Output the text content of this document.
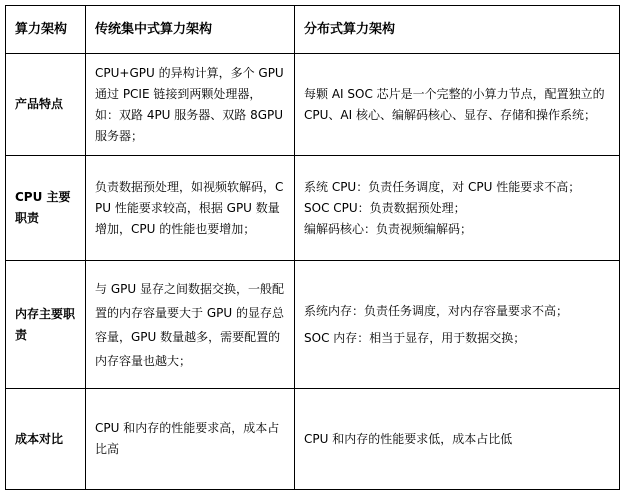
算力架构	传统集中式算力架构	分布式算力架构
产品特点	CPU+GPU 的异构计算，多个 GPU 通过 PCIE 链接到两颗处理器，如：双路 4PU 服务器、双路 8GPU 服务器；	每颗 AI SOC 芯片是一个完整的小算力节点，配置独立的 CPU、AI 核心、编解码核心、显存、存储和操作系统；

CPU 主要职责	负责数据预处理，如视频软解码，CPU 性能要求较高，根据 GPU 数量增加，CPU 的性能也要增加；	系统 CPU：负责任务调度，对 CPU 性能要求不高；
SOC CPU：负责数据预处理；
编解码核心：负责视频编解码；

内存主要职责	与 GPU 显存之间数据交换，一般配置的内存容量要大于 GPU 的显存总容量，GPU 数量越多，需要配置的内存容量也越大；	系统内存：负责任务调度，对内存容量要求不高；
SOC 内存：相当于显存，用于数据交换；

成本对比	CPU 和内存的性能要求高，成本占比高	CPU 和内存的性能要求低，成本占比低
